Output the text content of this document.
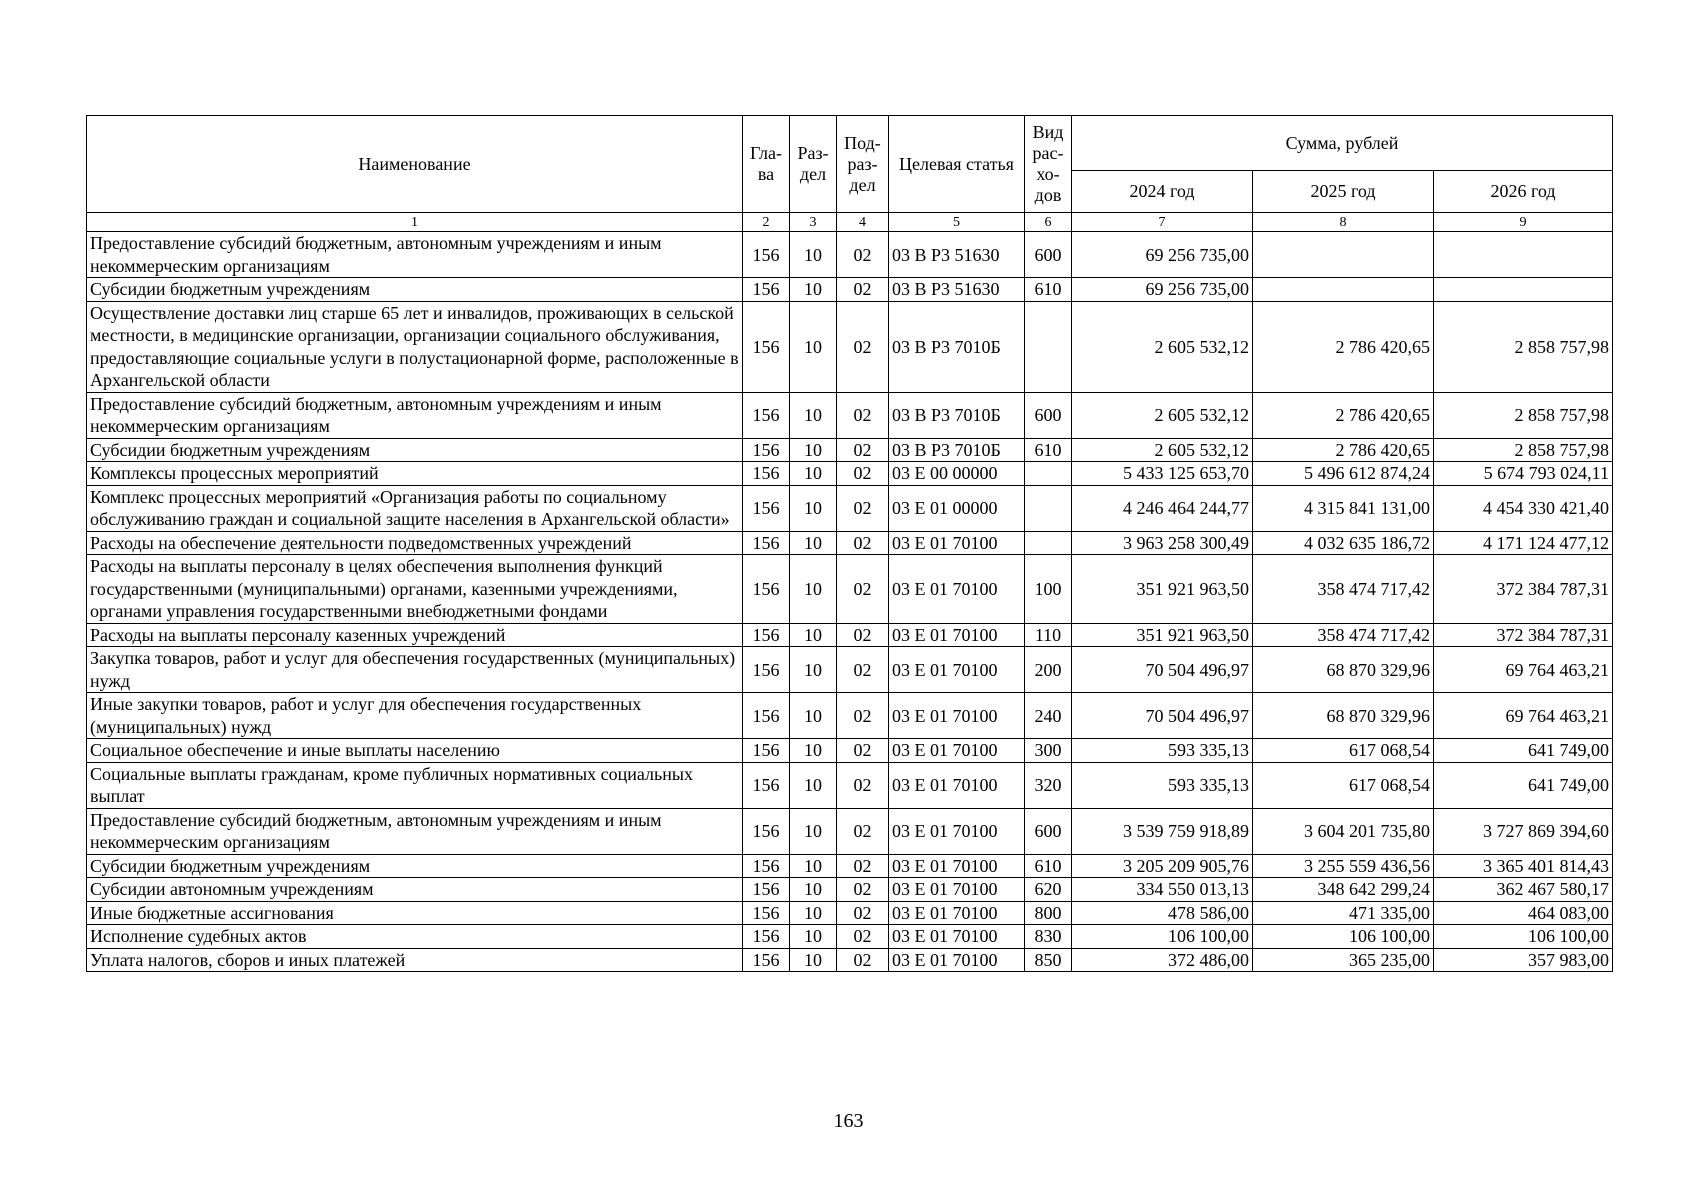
Наименование	Гла-ва	Раз-дел	Под-раз-дел	Целевая статья	Вид рас-хо-дов	Сумма, рублей		
						2024 год	2025 год	2026 год
1	2	3	4	5	6	7	8	9
Предоставление субсидий бюджетным, автономным учреждениям и иным некоммерческим организациям	156	10	02	03 В Р3 51630	600	69 256 735,00		
Субсидии бюджетным учреждениям	156	10	02	03 В Р3 51630	610	69 256 735,00		
Осуществление доставки лиц старше 65 лет и инвалидов, проживающих в сельской местности, в медицинские организации, организации социального обслуживания, предоставляющие социальные услуги в полустационарной форме, расположенные в Архангельской области	156	10	02	03 В Р3 7010Б		2 605 532,12	2 786 420,65	2 858 757,98
Предоставление субсидий бюджетным, автономным учреждениям и иным некоммерческим организациям	156	10	02	03 В Р3 7010Б	600	2 605 532,12	2 786 420,65	2 858 757,98
Субсидии бюджетным учреждениям	156	10	02	03 В Р3 7010Б	610	2 605 532,12	2 786 420,65	2 858 757,98
Комплексы процессных мероприятий	156	10	02	03 Е 00 00000		5 433 125 653,70	5 496 612 874,24	5 674 793 024,11
Комплекс процессных мероприятий «Организация работы по социальному обслуживанию граждан и социальной защите населения в Архангельской области»	156	10	02	03 Е 01 00000		4 246 464 244,77	4 315 841 131,00	4 454 330 421,40
Расходы на обеспечение деятельности подведомственных учреждений	156	10	02	03 Е 01 70100		3 963 258 300,49	4 032 635 186,72	4 171 124 477,12
Расходы на выплаты персоналу в целях обеспечения выполнения функций государственными (муниципальными) органами, казенными учреждениями, органами управления государственными внебюджетными фондами	156	10	02	03 Е 01 70100	100	351 921 963,50	358 474 717,42	372 384 787,31
Расходы на выплаты персоналу казенных учреждений	156	10	02	03 Е 01 70100	110	351 921 963,50	358 474 717,42	372 384 787,31
Закупка товаров, работ и услуг для обеспечения государственных (муниципальных) нужд	156	10	02	03 Е 01 70100	200	70 504 496,97	68 870 329,96	69 764 463,21
Иные закупки товаров, работ и услуг для обеспечения государственных (муниципальных) нужд	156	10	02	03 Е 01 70100	240	70 504 496,97	68 870 329,96	69 764 463,21
Социальное обеспечение и иные выплаты населению	156	10	02	03 Е 01 70100	300	593 335,13	617 068,54	641 749,00
Социальные выплаты гражданам, кроме публичных нормативных социальных выплат	156	10	02	03 Е 01 70100	320	593 335,13	617 068,54	641 749,00
Предоставление субсидий бюджетным, автономным учреждениям и иным некоммерческим организациям	156	10	02	03 Е 01 70100	600	3 539 759 918,89	3 604 201 735,80	3 727 869 394,60
Субсидии бюджетным учреждениям	156	10	02	03 Е 01 70100	610	3 205 209 905,76	3 255 559 436,56	3 365 401 814,43
Субсидии автономным учреждениям	156	10	02	03 Е 01 70100	620	334 550 013,13	348 642 299,24	362 467 580,17
Иные бюджетные ассигнования	156	10	02	03 Е 01 70100	800	478 586,00	471 335,00	464 083,00
Исполнение судебных актов	156	10	02	03 Е 01 70100	830	106 100,00	106 100,00	106 100,00
Уплата налогов, сборов и иных платежей	156	10	02	03 Е 01 70100	850	372 486,00	365 235,00	357 983,00
163
